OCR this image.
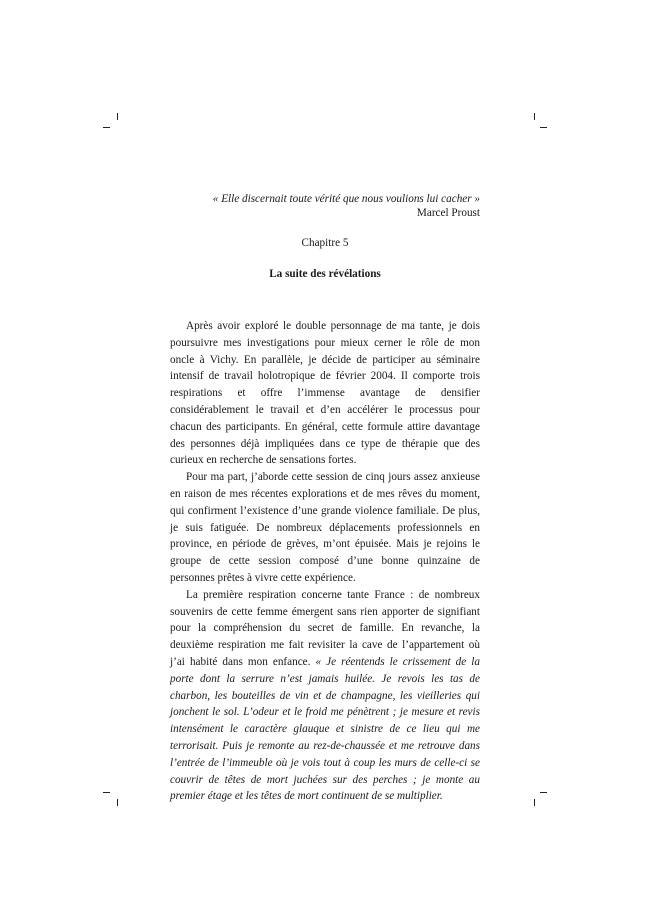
« Elle discernait toute vérité que nous voulions lui cacher »
Marcel Proust
Chapitre 5
La suite des révélations

Après avoir exploré le double personnage de ma tante, je dois poursuivre mes investigations pour mieux cerner le rôle de mon oncle à Vichy. En parallèle, je décide de participer au séminaire intensif de travail holotropique de février 2004. Il comporte trois respirations et offre l’immense avantage de densifier considérablement le travail et d’en accélérer le processus pour chacun des participants. En général, cette formule attire davantage des personnes déjà impliquées dans ce type de thérapie que des curieux en recherche de sensations fortes.

Pour ma part, j’aborde cette session de cinq jours assez anxieuse en raison de mes récentes explorations et de mes rêves du moment, qui confirment l’existence d’une grande violence familiale. De plus, je suis fatiguée. De nombreux déplacements professionnels en province, en période de grèves, m’ont épuisée. Mais je rejoins le groupe de cette session composé d’une bonne quinzaine de personnes prêtes à vivre cette expérience.

La première respiration concerne tante France : de nombreux souvenirs de cette femme émergent sans rien apporter de signifiant pour la compréhension du secret de famille. En revanche, la deuxième respiration me fait revisiter la cave de l’appartement où j’ai habité dans mon enfance. « Je réentends le crissement de la porte dont la serrure n’est jamais huilée. Je revois les tas de charbon, les bouteilles de vin et de champagne, les vieilleries qui jonchent le sol. L’odeur et le froid me pénètrent ; je mesure et revis intensément le caractère glauque et sinistre de ce lieu qui me terrorisait. Puis je remonte au rez-de-chaussée et me retrouve dans l’entrée de l’immeuble où je vois tout à coup les murs de celle-ci se couvrir de têtes de mort juchées sur des perches ; je monte au premier étage et les têtes de mort continuent de se multiplier.
